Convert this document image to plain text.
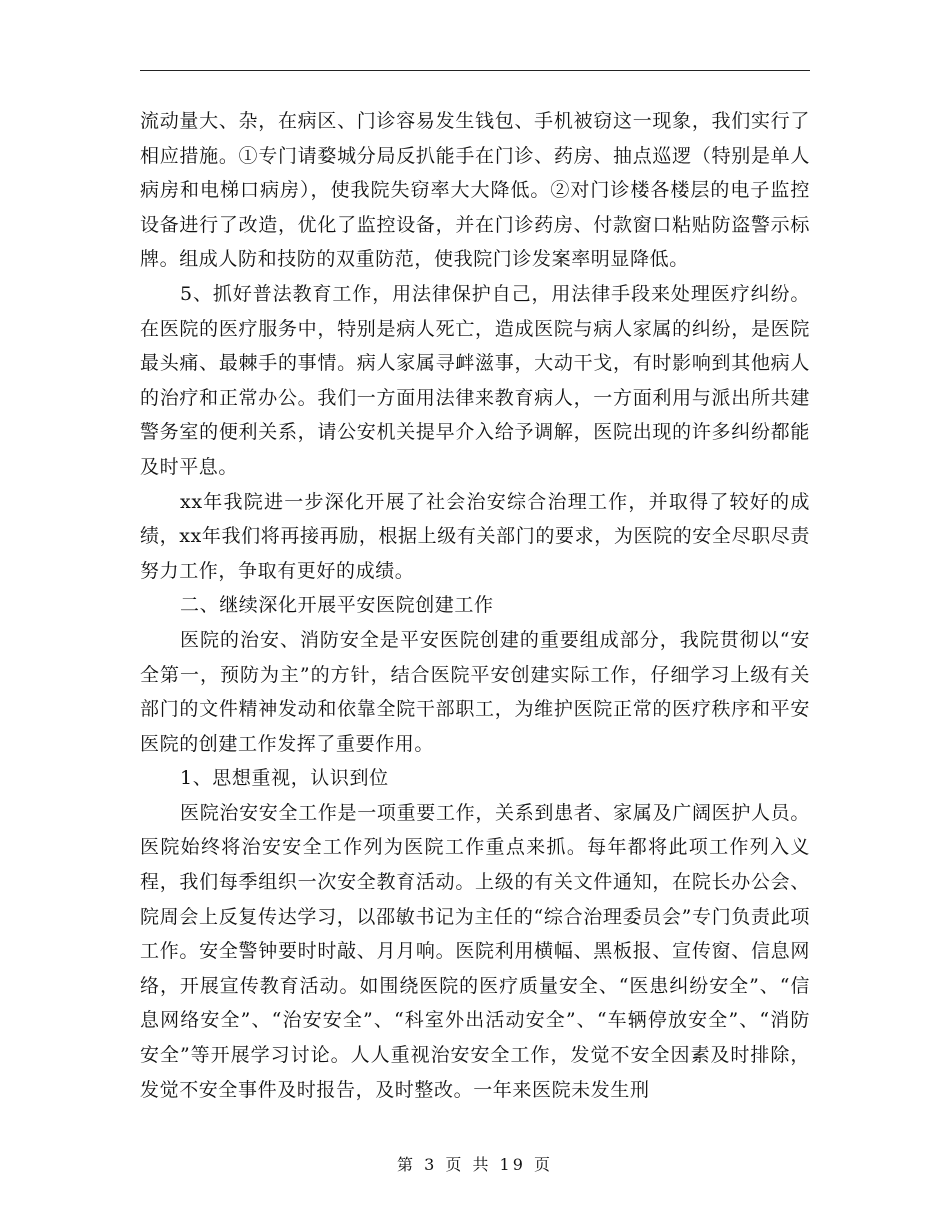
流动量大、杂，在病区、门诊容易发生钱包、手机被窃这一现象，我们实行了相应措施。①专门请婺城分局反扒能手在门诊、药房、抽点巡逻（特别是单人病房和电梯口病房），使我院失窃率大大降低。②对门诊楼各楼层的电子监控设备进行了改造，优化了监控设备，并在门诊药房、付款窗口粘贴防盗警示标牌。组成人防和技防的双重防范，使我院门诊发案率明显降低。

5、抓好普法教育工作，用法律保护自己，用法律手段来处理医疗纠纷。在医院的医疗服务中，特别是病人死亡，造成医院与病人家属的纠纷，是医院最头痛、最棘手的事情。病人家属寻衅滋事，大动干戈，有时影响到其他病人的治疗和正常办公。我们一方面用法律来教育病人，一方面利用与派出所共建警务室的便利关系，请公安机关提早介入给予调解，医院出现的许多纠纷都能及时平息。

xx年我院进一步深化开展了社会治安综合治理工作，并取得了较好的成绩，xx年我们将再接再励，根据上级有关部门的要求，为医院的安全尽职尽责努力工作，争取有更好的成绩。

二、继续深化开展平安医院创建工作

医院的治安、消防安全是平安医院创建的重要组成部分，我院贯彻以“安全第一，预防为主”的方针，结合医院平安创建实际工作，仔细学习上级有关部门的文件精神发动和依靠全院干部职工，为维护医院正常的医疗秩序和平安医院的创建工作发挥了重要作用。

1、思想重视，认识到位

医院治安安全工作是一项重要工作，关系到患者、家属及广阔医护人员。医院始终将治安安全工作列为医院工作重点来抓。每年都将此项工作列入义程，我们每季组织一次安全教育活动。上级的有关文件通知，在院长办公会、院周会上反复传达学习，以邵敏书记为主任的“综合治理委员会”专门负责此项工作。安全警钟要时时敲、月月响。医院利用横幅、黑板报、宣传窗、信息网络，开展宣传教育活动。如围绕医院的医疗质量安全、“医患纠纷安全”、“信息网络安全”、“治安安全”、“科室外出活动安全”、“车辆停放安全”、“消防安全”等开展学习讨论。人人重视治安安全工作，发觉不安全因素及时排除，发觉不安全事件及时报告，及时整改。一年来医院未发生刑

第 3 页 共 19 页
